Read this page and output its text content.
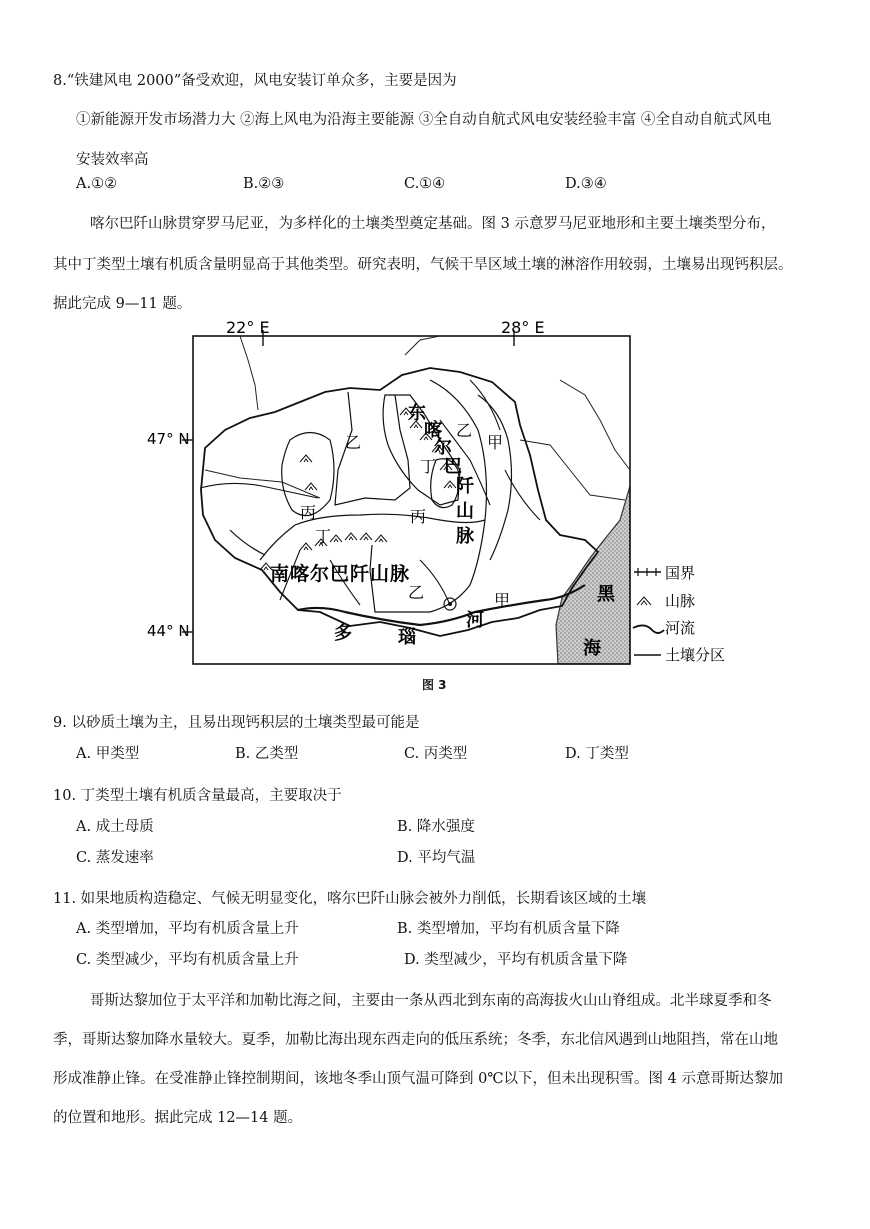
8.“铁建风电 2000”备受欢迎，风电安装订单众多，主要是因为
①新能源开发市场潜力大 ②海上风电为沿海主要能源 ③全自动自航式风电安装经验丰富 ④全自动自航式风电
安装效率高
A.①②	B.②③	C.①④	D.③④
喀尔巴阡山脉贯穿罗马尼亚，为多样化的土壤类型奠定基础。图 3 示意罗马尼亚地形和主要土壤类型分布，
其中丁类型土壤有机质含量明显高于其他类型。研究表明，气候干旱区域土壤的淋溶作用较弱，土壤易出现钙积层。
据此完成 9—11 题。
22° E	28° E
47° N
44° N
乙
乙
乙
甲
甲
丙	丙
丁
丁
东
喀
尔
巴
阡
山
脉
南喀尔巴阡山脉
多	瑙
河
黑
海
国界
山脉
河流
土壤分区
图 3
9. 以砂质土壤为主，且易出现钙积层的土壤类型最可能是
A. 甲类型	B. 乙类型	C. 丙类型	D. 丁类型
10. 丁类型土壤有机质含量最高，主要取决于
A. 成土母质	B. 降水强度
C. 蒸发速率	D. 平均气温
11. 如果地质构造稳定、气候无明显变化，喀尔巴阡山脉会被外力削低，长期看该区域的土壤
A. 类型增加，平均有机质含量上升	B. 类型增加，平均有机质含量下降
C. 类型减少，平均有机质含量上升	D. 类型减少，平均有机质含量下降
哥斯达黎加位于太平洋和加勒比海之间，主要由一条从西北到东南的高海拔火山山脊组成。北半球夏季和冬
季，哥斯达黎加降水量较大。夏季，加勒比海出现东西走向的低压系统；冬季，东北信风遇到山地阻挡，常在山地
形成准静止锋。在受准静止锋控制期间，该地冬季山顶气温可降到 0℃以下，但未出现积雪。图 4 示意哥斯达黎加
的位置和地形。据此完成 12—14 题。
